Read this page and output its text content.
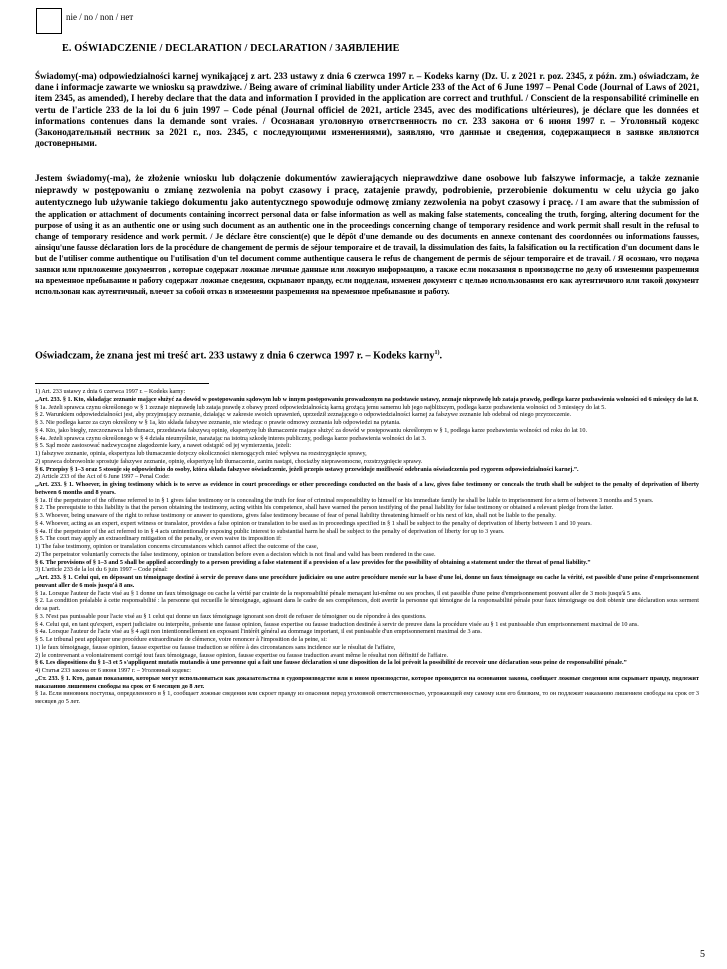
nie / no / non / нет
E. OŚWIADCZENIE / DECLARATION / DECLARATION / ЗАЯВЛЕНИЕ

Świadomy(-ma) odpowiedzialności karnej wynikającej z art. 233 ustawy z dnia 6 czerwca 1997 r. – Kodeks karny (Dz. U. z 2021 r. poz. 2345, z późn. zm.) oświadczam, że dane i informacje zawarte we wniosku są prawdziwe. / Being aware of criminal liability under Article 233 of the Act of 6 June 1997 – Penal Code (Journal of Laws of 2021, item 2345, as amended), I hereby declare that the data and information I provided in the application are correct and truthful. / Conscient de la responsabilité criminelle en vertu de l'article 233 de la loi du 6 juin 1997 – Code pénal (Journal officiel de 2021, article 2345, avec des modifications ultérieures), je déclare que les données et informations contenues dans la demande sont vraies. / Осознавая уголовную ответственность по ст. 233 закона от 6 июня 1997 г. – Уголовный кодекс (Законодательный вестник за 2021 г., поз. 2345, с последующими изменениями), заявляю, что данные и сведения, содержащиеся в заявке являются достоверными.

Jestem świadomy(-ma), że złożenie wniosku lub dołączenie dokumentów zawierających nieprawdziwe dane osobowe lub fałszywe informacje, a także zeznanie nieprawdy w postępowaniu o zmianę zezwolenia na pobyt czasowy i pracę, zatajenie prawdy, podrobienie, przerobienie dokumentu w celu użycia go jako autentycznego lub używanie takiego dokumentu jako autentycznego spowoduje odmowę zmiany zezwolenia na pobyt czasowy i pracę. / I am aware that the submission of the application or attachment of documents containing incorrect personal data or false information as well as making false statements, concealing the truth, forging, altering document for the purpose of using it as an authentic one or using such document as an authentic one in the proceedings concerning change of temporary residence and work permit shall result in the refusal to change of temporary residence and work permit. / Je déclare être conscient(e) que le dépôt d'une demande ou des documents en annexe contenant des coordonnées ou informations fausses, ainsiqu'une fausse déclaration lors de la procédure de changement de permis de séjour temporaire et de travail, la dissimulation des faits, la falsification ou la rectification d'un document dans le but de l'utiliser comme authentique ou l'utilisation d'un tel document comme authentique causera le refus de changement de permis de séjour temporaire et de travail. / Я осознаю, что подача заявки или приложение документов , которые содержат ложные личные данные или ложную информацию, а также если показания в производстве по делу об изменении разрешения на временное пребывание и работу содержат ложные сведения, скрывают правду, если подделан, изменен документ с целью использования его как аутентичного или такой документ использован как аутентичный, влечет за собой отказ в изменении разрешения на временное пребывание и работу.

Oświadczam, że znana jest mi treść art. 233 ustawy z dnia 6 czerwca 1997 r. – Kodeks karny$^{1)}$.

1) Art. 233 ustawy z dnia 6 czerwca 1997 r. – Kodeks karny:

„Art. 233. § 1. Kto, składając zeznanie mające służyć za dowód w postępowaniu sądowym lub w innym postępowaniu prowadzonym na podstawie ustawy, zeznaje nieprawdę lub zataja prawdę, podlega karze pozbawienia wolności od 6 miesięcy do lat 8.

§ 1a. Jeżeli sprawca czynu określonego w § 1 zeznaje nieprawdę lub zataja prawdę z obawy przed odpowiedzialnością karną grożącą jemu samemu lub jego najbliższym, podlega karze pozbawienia wolności od 3 miesięcy do lat 5.

§ 2. Warunkiem odpowiedzialności jest, aby przyjmujący zeznanie, działając w zakresie swoich uprawnień, uprzedził zeznającego o odpowiedzialności karnej za fałszywe zeznanie lub odebrał od niego przyrzeczenie.

§ 3. Nie podlega karze za czyn określony w § 1a, kto składa fałszywe zeznanie, nie wiedząc o prawie odmowy zeznania lub odpowiedzi na pytania.

§ 4. Kto, jako biegły, rzeczoznawca lub tłumacz, przedstawia fałszywą opinię, ekspertyzę lub tłumaczenie mające służyć za dowód w postępowaniu określonym w § 1, podlega karze pozbawienia wolności od roku do lat 10.

§ 4a. Jeżeli sprawca czynu określonego w § 4 działa nieumyślnie, narażając na istotną szkodę interes publiczny, podlega karze pozbawienia wolności do lat 3.

§ 5. Sąd może zastosować nadzwyczajne złagodzenie kary, a nawet odstąpić od jej wymierzenia, jeżeli:

1) fałszywe zeznanie, opinia, ekspertyza lub tłumaczenie dotyczy okoliczności niemogących mieć wpływu na rozstrzygnięcie sprawy,

2) sprawca dobrowolnie sprostuje fałszywe zeznanie, opinię, ekspertyzę lub tłumaczenie, zanim nastąpi, chociażby nieprawomocne, rozstrzygnięcie sprawy.

§ 6. Przepisy § 1–3 oraz 5 stosuje się odpowiednio do osoby, która składa fałszywe oświadczenie, jeżeli przepis ustawy przewiduje możliwość odebrania oświadczenia pod rygorem odpowiedzialności karnej.”.

2) Article 233 of the Act of 6 June 1997 – Penal Code:

„Art. 233. § 1. Whoever, in giving testimony which is to serve as evidence in court proceedings or other proceedings conducted on the basis of a law, gives false testimony or conceals the truth shall be subject to the penalty of deprivation of liberty between 6 months and 8 years.

§ 1a. If the perpetrator of the offense referred to in § 1 gives false testimony or is concealing the truth for fear of criminal responsibility to himself or his immediate family he shall be liable to imprisonment for a term of between 3 months and 5 years.

§ 2. The prerequisite to this liability is that the person obtaining the testimony, acting within his competence, shall have warned the person testifying of the penal liability for false testimony or obtained a relevant pledge from the latter.

§ 3. Whoever, being unaware of the right to refuse testimony or answer to questions, gives false testimony because of fear of penal liability threatening himself or his next of kin, shall not be liable to the penalty.

§ 4. Whoever, acting as an expert, expert witness or translator, provides a false opinion or translation to be used as in proceedings specified in § 1 shall be subject to the penalty of deprivation of liberty between 1 and 10 years.

§ 4a. If the perpetrator of the act referred to in § 4 acts unintentionally exposing public interest to substantial harm he shall be subject to the penalty of deprivation of liberty for up to 3 years.

§ 5. The court may apply an extraordinary mitigation of the penalty, or even waive its imposition if:

1) The false testimony, opinion or translation concerns circumstances which cannot affect the outcome of the case,

2) The perpetrator voluntarily corrects the false testimony, opinion or translation before even a decision which is not final and valid has been rendered in the case.

§ 6. The provisions of § 1–3 and 5 shall be applied accordingly to a person providing a false statement if a provision of a law provides for the possibility of obtaining a statement under the threat of penal liability.”

3) L'article 233 de la loi du 6 juin 1997 – Code pénal:

„Art. 233. § 1. Celui qui, en déposant un témoignage destiné à servir de preuve dans une procédure judiciaire ou une autre procédure menée sur la base d'une loi, donne un faux témoignage ou cache la vérité, est passible d'une peine d'emprisonnement pouvant aller de 6 mois jusqu'à 8 ans.

§ 1a. Lorsque l'auteur de l'acte visé au § 1 donne un faux témoignage ou cache la vérité par crainte de la responsabilité pénale menaçant lui-même ou ses proches, il est passible d'une peine d'emprisonnement pouvant aller de 3 mois jusqu'à 5 ans.

§ 2. La condition préalable à cette responsabilité : la personne qui recueille le témoignage, agissant dans le cadre de ses compétences, doit avertir la personne qui témoigne de la responsabilité pénale pour faux témoignage ou doit obtenir une déclaration sous serment de sa part.

§ 3. N'est pas punissable pour l'acte visé au § 1 celui qui donne un faux témoignage ignorant son droit de refuser de témoigner ou de répondre à des questions.

§ 4. Celui qui, en tant qu'expert, expert judiciaire ou interprète, présente une fausse opinion, fausse expertise ou fausse traduction destinée à servir de preuve dans la procédure visée au § 1 est punissable d'un emprisonnement maximal de 10 ans.

§ 4a. Lorsque l'auteur de l'acte visé au § 4 agit non intentionnellement en exposant l'intérêt général au dommage important, il est punissable d'un emprisonnement maximal de 3 ans.

§ 5. Le tribunal peut appliquer une procédure extraordinaire de clémence, voire renoncer à l'imposition de la peine, si:

1) le faux témoignage, fausse opinion, fausse expertise ou fausse traduction se réfère à des circonstances sans incidence sur le résultat de l'affaire,

2) le contrevenant a volontairement corrigé tout faux témoignage, fausse opinion, fausse expertise ou fausse traduction avant même le résultat non définitif de l'affaire.

§ 6. Les dispositions du § 1–3 et 5 s'appliquent mutatis mutandis à une personne qui a fait une fausse déclaration si une disposition de la loi prévoit la possibilité de recevoir une déclaration sous peine de responsabilité pénale.”

4) Статья 233 закона от 6 июня 1997 г. – Уголовный кодекс:

„Ст. 233. § 1. Кто, давая показания, которые могут использоваться как доказательства в судопроизводстве или в ином производстве, которое проводится на основании закона, сообщает ложные сведения или скрывает правду, подлежит наказанию лишением свободы на срок от 6 месяцев до 8 лет.

§ 1a. Если виновник поступка, определенного в § 1, сообщает ложные сведения или скроет правду из опасения перед уголовной ответственностью, угрожающей ему самому или его близким, то он подлежит наказанию лишением свободы на срок от 3 месяцев до 5 лет.

5
